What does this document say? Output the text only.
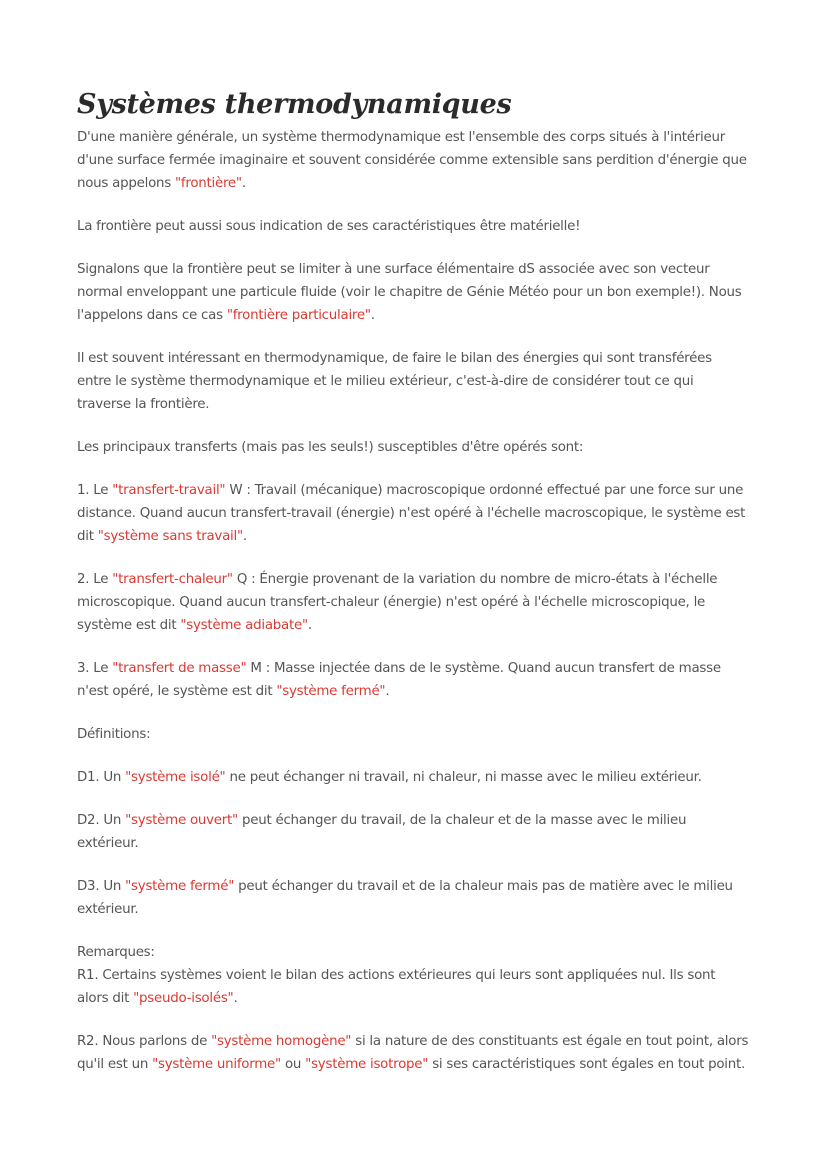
Systèmes thermodynamiques

D'une manière générale, un système thermodynamique est l'ensemble des corps situés à l'intérieur d'une surface fermée imaginaire et souvent considérée comme extensible sans perdition d'énergie que nous appelons "frontière".

La frontière peut aussi sous indication de ses caractéristiques être matérielle!

Signalons que la frontière peut se limiter à une surface élémentaire dS associée avec son vecteur normal enveloppant une particule fluide (voir le chapitre de Génie Météo pour un bon exemple!). Nous l'appelons dans ce cas "frontière particulaire".

Il est souvent intéressant en thermodynamique, de faire le bilan des énergies qui sont transférées entre le système thermodynamique et le milieu extérieur, c'est-à-dire de considérer tout ce qui traverse la frontière.

Les principaux transferts (mais pas les seuls!) susceptibles d'être opérés sont:

1. Le "transfert-travail" W : Travail (mécanique) macroscopique ordonné effectué par une force sur une distance. Quand aucun transfert-travail (énergie) n'est opéré à l'échelle macroscopique, le système est dit "système sans travail".

2. Le "transfert-chaleur" Q : Énergie provenant de la variation du nombre de micro-états à l'échelle microscopique. Quand aucun transfert-chaleur (énergie) n'est opéré à l'échelle microscopique, le système est dit "système adiabate".

3. Le "transfert de masse" M : Masse injectée dans de le système. Quand aucun transfert de masse n'est opéré, le système est dit "système fermé".

Définitions:

D1. Un "système isolé" ne peut échanger ni travail, ni chaleur, ni masse avec le milieu extérieur.

D2. Un "système ouvert" peut échanger du travail, de la chaleur et de la masse avec le milieu extérieur.

D3. Un "système fermé" peut échanger du travail et de la chaleur mais pas de matière avec le milieu extérieur.

Remarques:

R1. Certains systèmes voient le bilan des actions extérieures qui leurs sont appliquées nul. Ils sont alors dit "pseudo-isolés".

R2. Nous parlons de "système homogène" si la nature de des constituants est égale en tout point, alors qu'il est un "système uniforme" ou "système isotrope" si ses caractéristiques sont égales en tout point.
